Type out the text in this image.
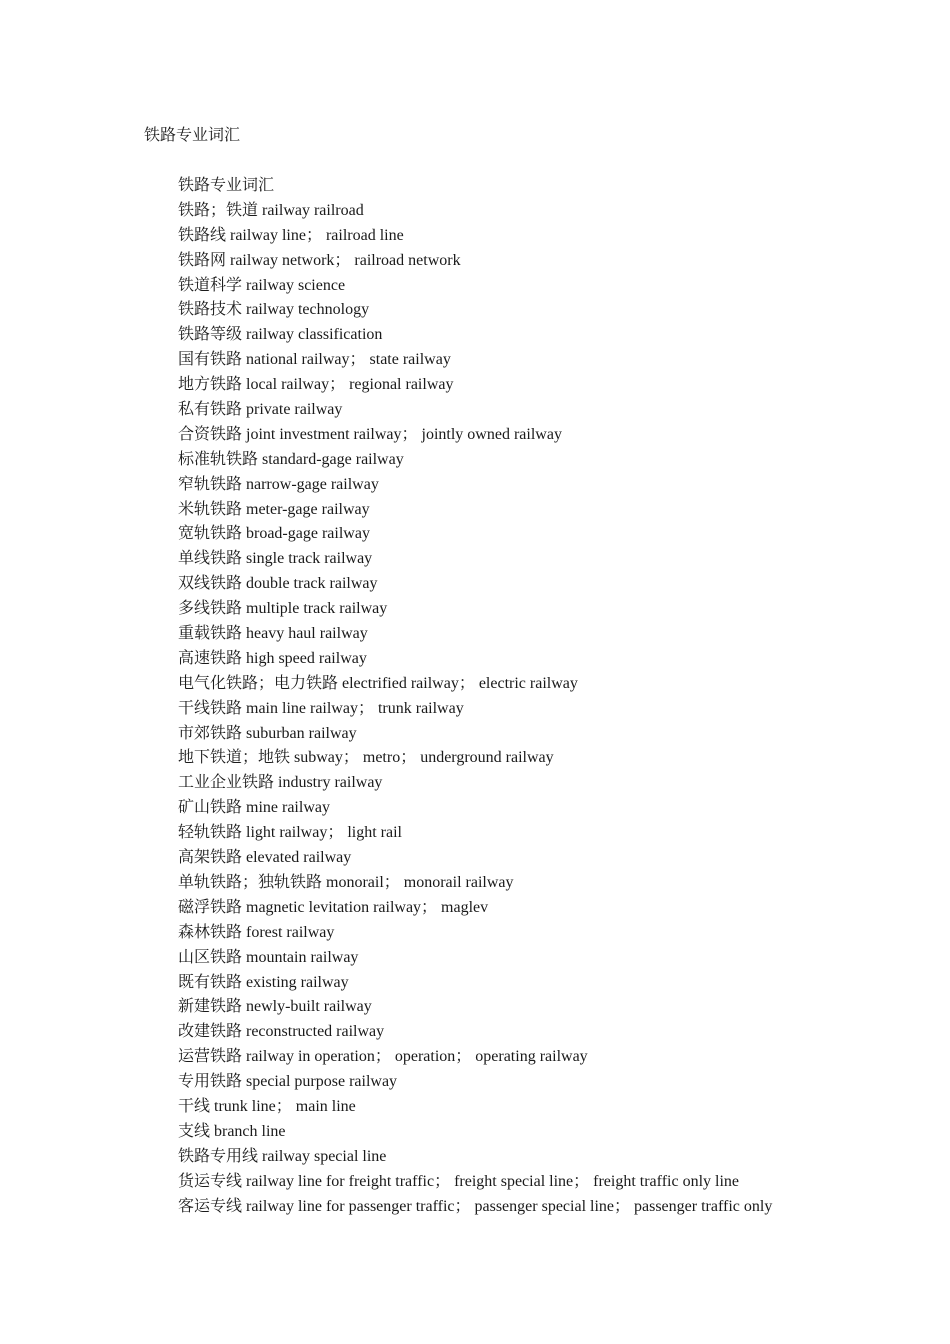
铁路专业词汇
铁路专业词汇
铁路；铁道 railway railroad
铁路线 railway line； railroad line
铁路网 railway network； railroad network
铁道科学 railway science
铁路技术 railway technology
铁路等级 railway classification
国有铁路 national railway； state railway
地方铁路 local railway； regional railway
私有铁路 private railway
合资铁路 joint investment railway； jointly owned railway
标准轨铁路 standard-gage railway
窄轨铁路 narrow-gage railway
米轨铁路 meter-gage railway
宽轨铁路 broad-gage railway
单线铁路 single track railway
双线铁路 double track railway
多线铁路 multiple track railway
重载铁路 heavy haul railway
高速铁路 high speed railway
电气化铁路；电力铁路 electrified railway； electric railway
干线铁路 main line railway； trunk railway
市郊铁路 suburban railway
地下铁道；地铁 subway； metro； underground railway
工业企业铁路 industry railway
矿山铁路 mine railway
轻轨铁路 light railway； light rail
高架铁路 elevated railway
单轨铁路；独轨铁路 monorail； monorail railway
磁浮铁路 magnetic levitation railway； maglev
森林铁路 forest railway
山区铁路 mountain railway
既有铁路 existing railway
新建铁路 newly-built railway
改建铁路 reconstructed railway
运营铁路 railway in operation； operation； operating railway
专用铁路 special purpose railway
干线 trunk line； main line
支线 branch line
铁路专用线 railway special line
货运专线 railway line for freight traffic； freight special line； freight traffic only line
客运专线 railway line for passenger traffic； passenger special line； passenger traffic only
